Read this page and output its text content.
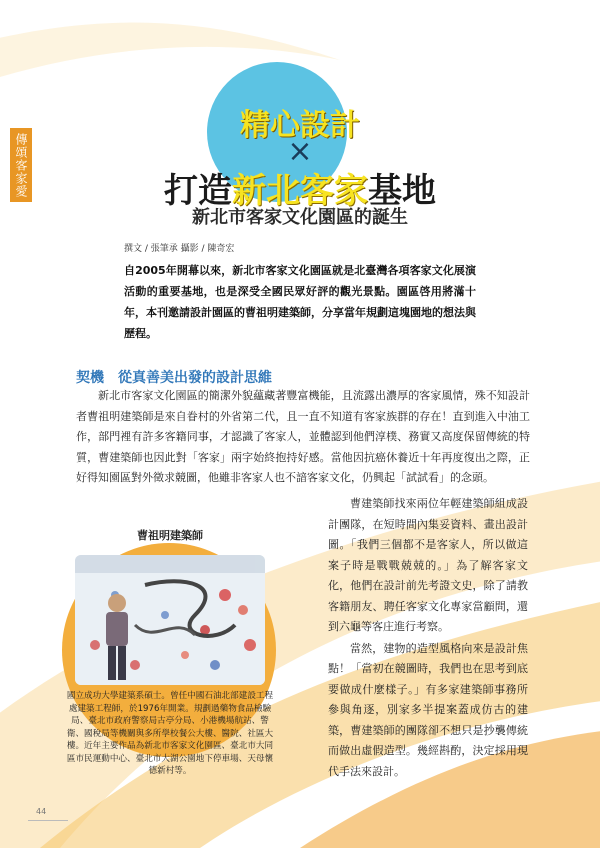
傳頌客家愛
精心設計
×
打造新北客家基地
新北市客家文化園區的誕生
撰文 / 張筆承 攝影 / 陳奇宏
自2005年開幕以來，新北市客家文化園區就是北臺灣各項客家文化展演活動的重要基地，也是深受全國民眾好評的觀光景點。園區啓用將滿十年，本刊邀請設計園區的曹祖明建築師，分享當年規劃這塊園地的想法與歷程。
契機　從真善美出發的設計思維
新北市客家文化園區的簡潔外貌蘊藏著豐富機能，且流露出濃厚的客家風情，殊不知設計者曹祖明建築師是來自眷村的外省第二代，且一直不知道有客家族群的存在！直到進入中油工作，部門裡有許多客籍同事，才認識了客家人，並體認到他們淳樸、務實又高度保留傳統的特質，曹建築師也因此對「客家」兩字始終抱持好感。當他因抗癌休養近十年再度復出之際，正好得知園區對外徵求競圖，他雖非客家人也不諳客家文化，仍興起「試試看」的念頭。

曹建築師找來兩位年輕建築師組成設計團隊，在短時間內集妥資料、畫出設計圖。「我們三個都不是客家人，所以做這案子時是戰戰兢兢的。」為了解客家文化，他們在設計前先考證文史，除了請教客籍朋友、聘任客家文化專家當顧問，還到六龜等客庄進行考察。

當然，建物的造型風格向來是設計焦點！「當初在競圖時，我們也在思考到底要做成什麼樣子。」有多家建築師事務所參與角逐，別家多半提案蓋成仿古的建築，曹建築師的團隊卻不想只是抄襲傳統而做出虛假造型。幾經斟酌，決定採用現代手法來設計。

曹祖明建築師
國立成功大學建築系碩士。曾任中國石油北部建設工程處建築工程師，於1976年開業。規劃過藥物食品檢驗局、臺北市政府警察局古亭分局、小港機場航站、警衛、國稅局等機關與多所學校餐公大樓、醫院、社區大樓。近年主要作品為新北市客家文化園區、臺北市大同區市民運動中心、臺北市大湖公園地下停車場、天母懷德新村等。
44
